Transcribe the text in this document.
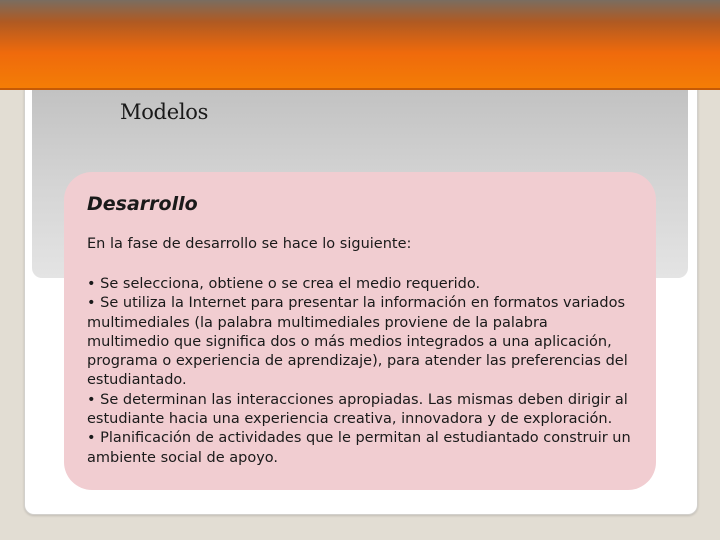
Modelos
Desarrollo
En la fase de desarrollo se hace lo siguiente:

• Se selecciona, obtiene o se crea el medio requerido.

• Se utiliza la Internet para presentar la información en formatos variados multimediales (la palabra multimediales proviene de la palabra multimedio que significa dos o más medios integrados a una aplicación, programa o experiencia de aprendizaje), para atender las preferencias del estudiantado.

• Se determinan las interacciones apropiadas. Las mismas deben dirigir al estudiante hacia una experiencia creativa, innovadora y de exploración.

• Planificación de actividades que le permitan al estudiantado construir un ambiente social de apoyo.
